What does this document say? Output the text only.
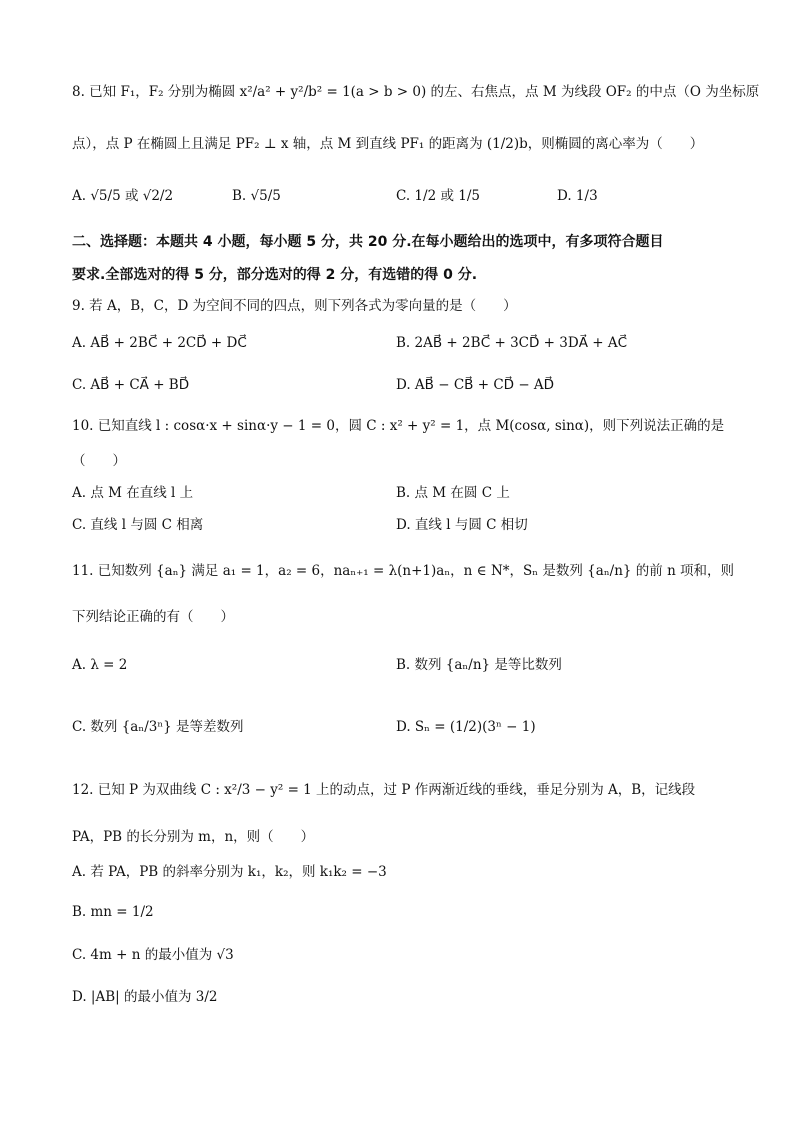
8. 已知 F₁，F₂ 分别为椭圆 x²/a² + y²/b² = 1(a > b > 0) 的左、右焦点，点 M 为线段 OF₂ 的中点（O 为坐标原
点），点 P 在椭圆上且满足 PF₂ ⊥ x 轴，点 M 到直线 PF₁ 的距离为 (1/2)b，则椭圆的离心率为（　　）
A. √5/5 或 √2/2	B. √5/5	C. 1/2 或 1/5	D. 1/3
二、选择题：本题共 4 小题，每小题 5 分，共 20 分.在每小题给出的选项中，有多项符合题目
要求.全部选对的得 5 分，部分选对的得 2 分，有选错的得 0 分.
9. 若 A，B，C，D 为空间不同的四点，则下列各式为零向量的是（　　）
A. AB⃗ + 2BC⃗ + 2CD⃗ + DC⃗	B. 2AB⃗ + 2BC⃗ + 3CD⃗ + 3DA⃗ + AC⃗
C. AB⃗ + CA⃗ + BD⃗	D. AB⃗ − CB⃗ + CD⃗ − AD⃗
10. 已知直线 l : cosα·x + sinα·y − 1 = 0，圆 C : x² + y² = 1，点 M(cosα, sinα)，则下列说法正确的是
（　　）
A. 点 M 在直线 l 上	B. 点 M 在圆 C 上
C. 直线 l 与圆 C 相离	D. 直线 l 与圆 C 相切
11. 已知数列 {aₙ} 满足 a₁ = 1，a₂ = 6，naₙ₊₁ = λ(n+1)aₙ，n ∈ N*，Sₙ 是数列 {aₙ/n} 的前 n 项和，则
下列结论正确的有（　　）
A. λ = 2	B. 数列 {aₙ/n} 是等比数列
C. 数列 {aₙ/3ⁿ} 是等差数列	D. Sₙ = (1/2)(3ⁿ − 1)
12. 已知 P 为双曲线 C : x²/3 − y² = 1 上的动点，过 P 作两渐近线的垂线，垂足分别为 A，B，记线段
PA，PB 的长分别为 m，n，则（　　）
A. 若 PA，PB 的斜率分别为 k₁，k₂，则 k₁k₂ = −3
B. mn = 1/2
C. 4m + n 的最小值为 √3
D. |AB| 的最小值为 3/2
